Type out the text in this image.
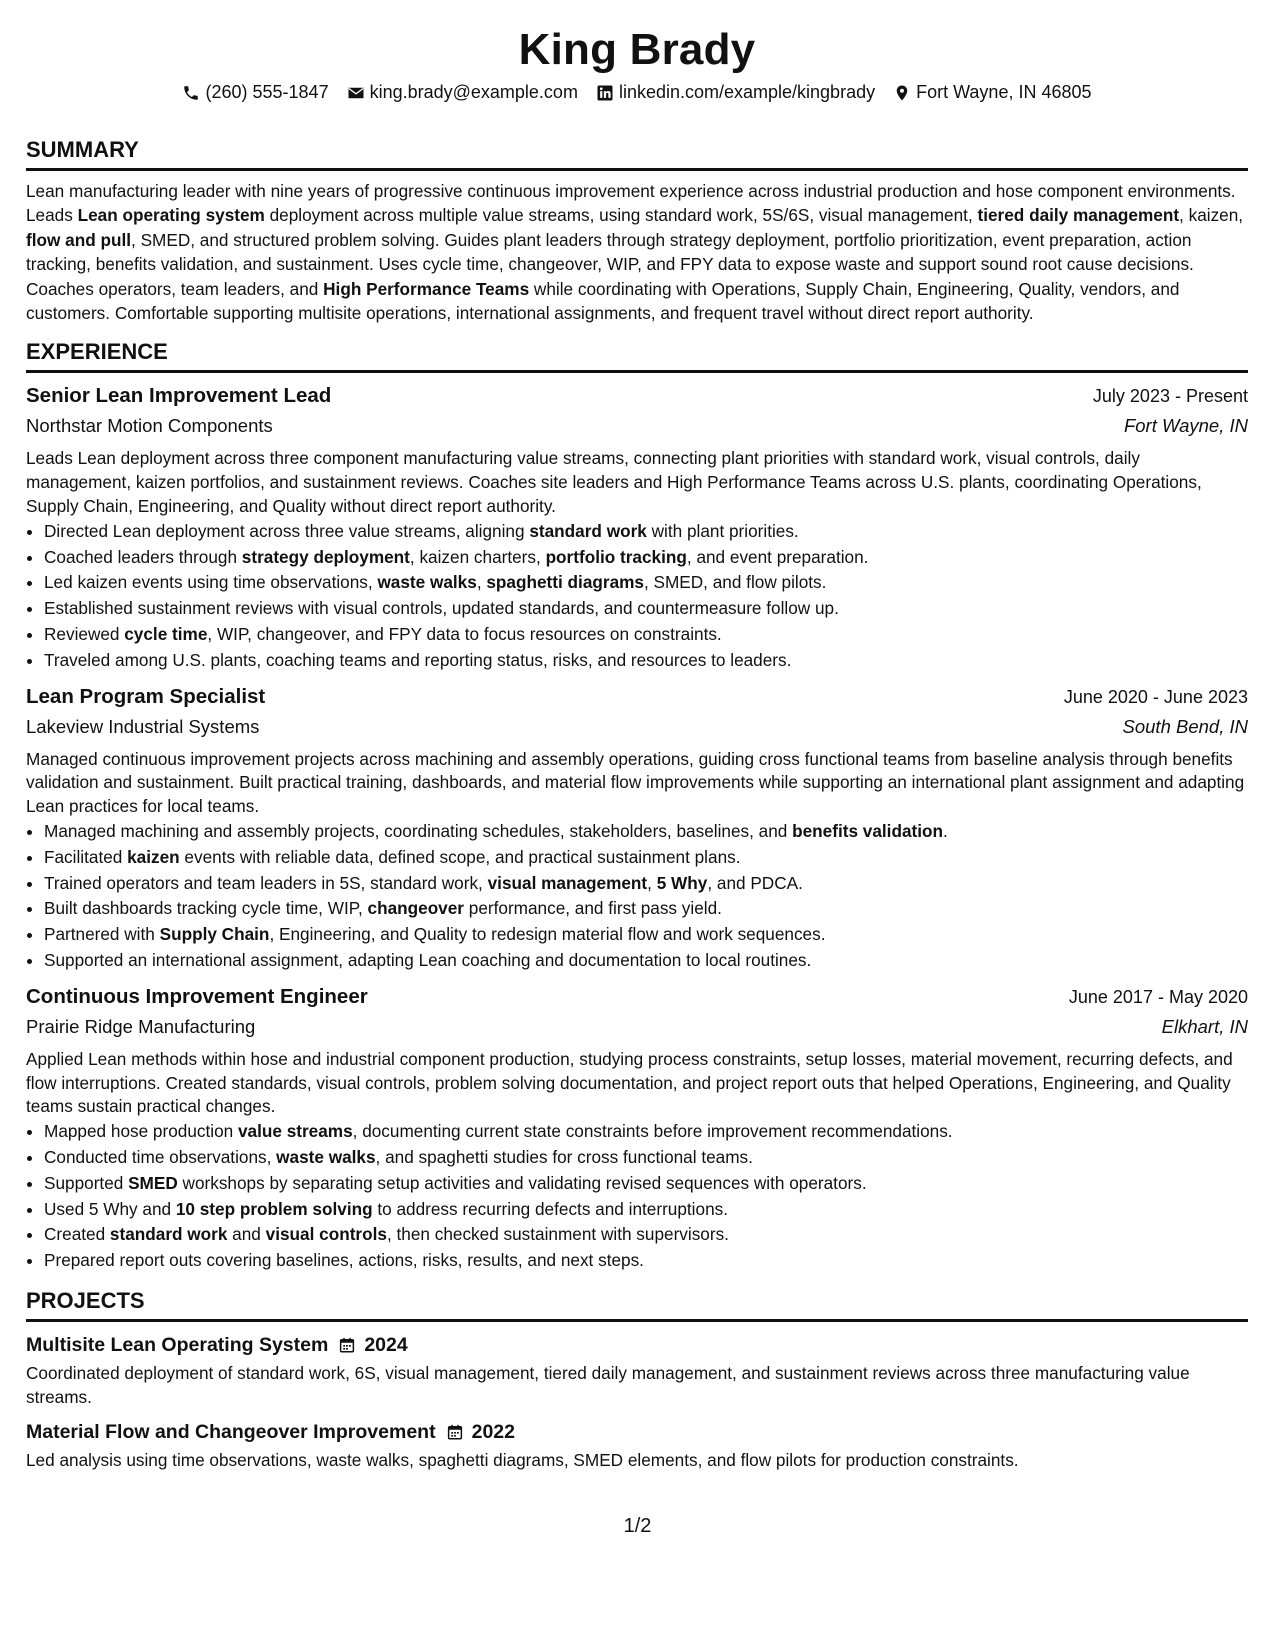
King Brady
(260) 555-1847 king.brady@example.com linkedin.com/example/kingbrady Fort Wayne, IN 46805
SUMMARY

Lean manufacturing leader with nine years of progressive continuous improvement experience across industrial production and hose component environments. Leads Lean operating system deployment across multiple value streams, using standard work, 5S/6S, visual management, tiered daily management, kaizen, flow and pull, SMED, and structured problem solving. Guides plant leaders through strategy deployment, portfolio prioritization, event preparation, action tracking, benefits validation, and sustainment. Uses cycle time, changeover, WIP, and FPY data to expose waste and support sound root cause decisions. Coaches operators, team leaders, and High Performance Teams while coordinating with Operations, Supply Chain, Engineering, Quality, vendors, and customers. Comfortable supporting multisite operations, international assignments, and frequent travel without direct report authority.

EXPERIENCE
Senior Lean Improvement Lead	July 2023 - Present
Northstar Motion Components	Fort Wayne, IN

Leads Lean deployment across three component manufacturing value streams, connecting plant priorities with standard work, visual controls, daily management, kaizen portfolios, and sustainment reviews. Coaches site leaders and High Performance Teams across U.S. plants, coordinating Operations, Supply Chain, Engineering, and Quality without direct report authority.

• Directed Lean deployment across three value streams, aligning standard work with plant priorities.
• Coached leaders through strategy deployment, kaizen charters, portfolio tracking, and event preparation.
• Led kaizen events using time observations, waste walks, spaghetti diagrams, SMED, and flow pilots.
• Established sustainment reviews with visual controls, updated standards, and countermeasure follow up.
• Reviewed cycle time, WIP, changeover, and FPY data to focus resources on constraints.
• Traveled among U.S. plants, coaching teams and reporting status, risks, and resources to leaders.
Lean Program Specialist	June 2020 - June 2023
Lakeview Industrial Systems	South Bend, IN

Managed continuous improvement projects across machining and assembly operations, guiding cross functional teams from baseline analysis through benefits validation and sustainment. Built practical training, dashboards, and material flow improvements while supporting an international plant assignment and adapting Lean practices for local teams.

• Managed machining and assembly projects, coordinating schedules, stakeholders, baselines, and benefits validation.
• Facilitated kaizen events with reliable data, defined scope, and practical sustainment plans.
• Trained operators and team leaders in 5S, standard work, visual management, 5 Why, and PDCA.
• Built dashboards tracking cycle time, WIP, changeover performance, and first pass yield.
• Partnered with Supply Chain, Engineering, and Quality to redesign material flow and work sequences.
• Supported an international assignment, adapting Lean coaching and documentation to local routines.
Continuous Improvement Engineer	June 2017 - May 2020
Prairie Ridge Manufacturing	Elkhart, IN

Applied Lean methods within hose and industrial component production, studying process constraints, setup losses, material movement, recurring defects, and flow interruptions. Created standards, visual controls, problem solving documentation, and project report outs that helped Operations, Engineering, and Quality teams sustain practical changes.

• Mapped hose production value streams, documenting current state constraints before improvement recommendations.
• Conducted time observations, waste walks, and spaghetti studies for cross functional teams.
• Supported SMED workshops by separating setup activities and validating revised sequences with operators.
• Used 5 Why and 10 step problem solving to address recurring defects and interruptions.
• Created standard work and visual controls, then checked sustainment with supervisors.
• Prepared report outs covering baselines, actions, risks, results, and next steps.
PROJECTS
Multisite Lean Operating System 2024

Coordinated deployment of standard work, 6S, visual management, tiered daily management, and sustainment reviews across three manufacturing value streams.

Material Flow and Changeover Improvement 2022

Led analysis using time observations, waste walks, spaghetti diagrams, SMED elements, and flow pilots for production constraints.

1/2
